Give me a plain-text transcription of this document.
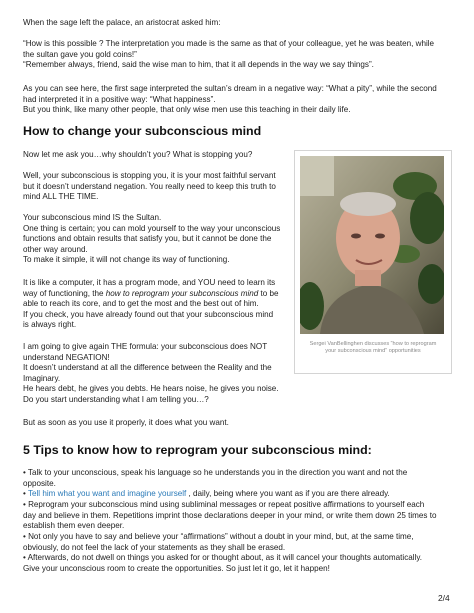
When the sage left the palace, an aristocrat asked him:
“How is this possible ? The interpretation you made is the same as that of your colleague, yet he was beaten, while
the sultan gave you gold coins!”
“Remember always, friend, said the wise man to him, that it all depends in the way we say things”.
As you can see here, the first sage interpreted the sultan’s dream in a negative way: “What a pity”, while the second
had interpreted it in a positive way: “What happiness”.
But you think, like many other people, that only wise men use this teaching in their daily life.
How to change your subconscious mind
Now let me ask you…why shouldn’t you? What is stopping you?
Well, your subconscious is stopping you, it is your most faithful servant
but it doesn’t understand negation. You really need to keep this truth to
mind ALL THE TIME.
Your subconscious mind IS the Sultan.
One thing is certain; you can mold yourself to the way your unconscious
functions and obtain results that satisfy you, but it cannot be done the
other way around.
To make it simple, it will not change its way of functioning.
It is like a computer, it has a program mode, and YOU need to learn its
way of functioning, the how to reprogram your subconscious mind to be
able to reach its core, and to get the most and the best out of him.
If you check, you have already found out that your subconscious mind
is always right.
I am going to give again THE formula: your subconscious does NOT
understand NEGATION!
It doesn’t understand at all the difference between the Reality and the
Imaginary.
He hears debt, he gives you debts. He hears noise, he gives you noise.
Do you start understanding what I am telling you…?
But as soon as you use it properly, it does what you want.
Sergei VanBellinghen discusses “how to reprogram
your subconscious mind” opportunities
5 Tips to know how to reprogram your subconscious mind:
• Talk to your unconscious, speak his language so he understands you in the direction you want and not the
opposite.
• Tell him what you want and imagine yourself , daily, being where you want as if you are there already.
• Reprogram your subconscious mind using subliminal messages or repeat positive affirmations to yourself each
day and believe in them. Repetitions imprint those declarations deeper in your mind, or write them down 25 times to
establish them even deeper.
• Not only you have to say and believe your “affirmations” without a doubt in your mind, but, at the same time,
obviously, do not feel the lack of your statements as they shall be erased.
• Afterwards, do not dwell on things you asked for or thought about, as it will cancel your thoughts automatically.
Give your unconscious room to create the opportunities. So just let it go, let it happen!
2/4
